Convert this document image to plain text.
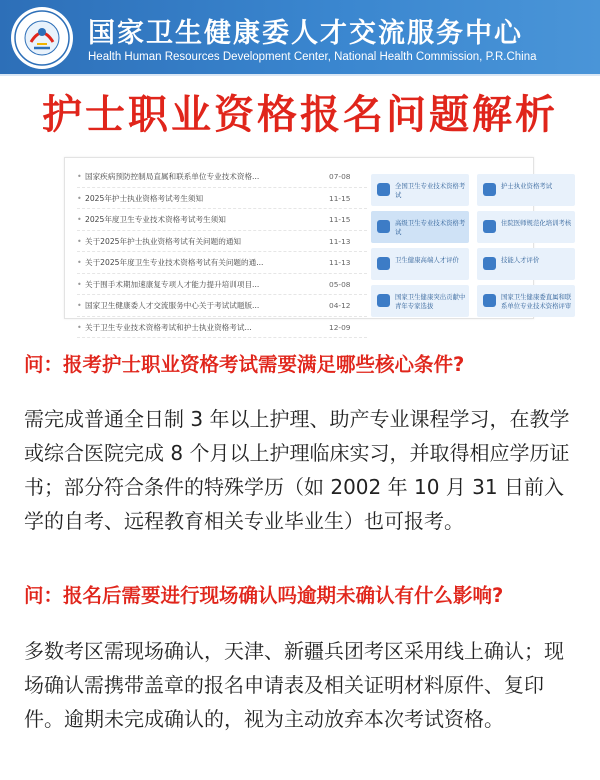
国家卫生健康委人才交流服务中心
Health Human Resources Development Center, National Health Commission, P.R.China
护士职业资格报名问题解析
• 国家疾病预防控制局直属和联系单位专业技术资格...	07-08
• 2025年护士执业资格考试考生须知	11-15
• 2025年度卫生专业技术资格考试考生须知	11-15
• 关于2025年护士执业资格考试有关问题的通知	11-13
• 关于2025年度卫生专业技术资格考试有关问题的通...	11-13
• 关于围手术期加速康复专项人才能力提升培训项目...	05-08
• 国家卫生健康委人才交流服务中心关于考试试题版...	04-12
• 关于卫生专业技术资格考试和护士执业资格考试...	12-09
全国卫生专业技术资格考试
护士执业资格考试
高级卫生专业技术资格考试
住院医师规范化培训考核
卫生健康高端人才评价	技能人才评价
国家卫生健康突出贡献中青年专家选拔
国家卫生健康委直属和联系单位专业技术资格评审
问：报考护士职业资格考试需要满足哪些核心条件?
需完成普通全日制 3 年以上护理、助产专业课程学习，在教学或综合医院完成 8 个月以上护理临床实习，并取得相应学历证书；部分符合条件的特殊学历（如 2002 年 10 月 31 日前入学的自考、远程教育相关专业毕业生）也可报考。
问：报名后需要进行现场确认吗逾期未确认有什么影响?
多数考区需现场确认，天津、新疆兵团考区采用线上确认；现场确认需携带盖章的报名申请表及相关证明材料原件、复印件。逾期未完成确认的，视为主动放弃本次考试资格。
